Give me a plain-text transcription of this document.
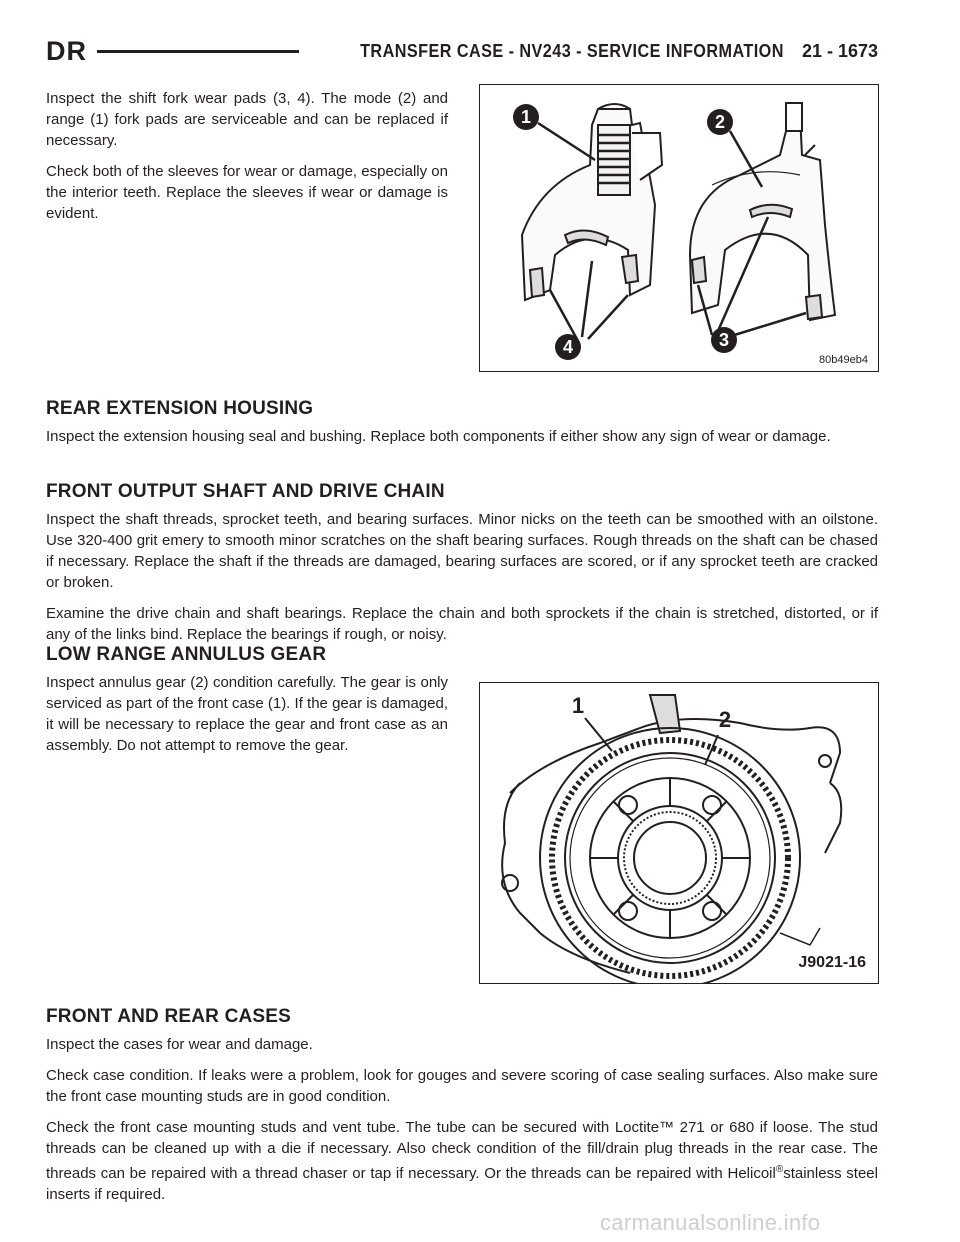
DR	TRANSFER CASE - NV243 - SERVICE INFORMATION 21 - 1673

Inspect the shift fork wear pads (3, 4). The mode (2) and range (1) fork pads are serviceable and can be replaced if necessary.

Check both of the sleeves for wear or damage, especially on the interior teeth. Replace the sleeves if wear or damage is evident.

1	2
4	3
80b49eb4
REAR EXTENSION HOUSING

Inspect the extension housing seal and bushing. Replace both components if either show any sign of wear or damage.

FRONT OUTPUT SHAFT AND DRIVE CHAIN

Inspect the shaft threads, sprocket teeth, and bearing surfaces. Minor nicks on the teeth can be smoothed with an oilstone. Use 320-400 grit emery to smooth minor scratches on the shaft bearing surfaces. Rough threads on the shaft can be chased if necessary. Replace the shaft if the threads are damaged, bearing surfaces are scored, or if any sprocket teeth are cracked or broken.

Examine the drive chain and shaft bearings. Replace the chain and both sprockets if the chain is stretched, distorted, or if any of the links bind. Replace the bearings if rough, or noisy.

LOW RANGE ANNULUS GEAR

Inspect annulus gear (2) condition carefully. The gear is only serviced as part of the front case (1). If the gear is damaged, it will be necessary to replace the gear and front case as an assembly. Do not attempt to remove the gear.

1
2
J9021-16
FRONT AND REAR CASES

Inspect the cases for wear and damage.

Check case condition. If leaks were a problem, look for gouges and severe scoring of case sealing surfaces. Also make sure the front case mounting studs are in good condition.

Check the front case mounting studs and vent tube. The tube can be secured with Loctite™ 271 or 680 if loose. The stud threads can be cleaned up with a die if necessary. Also check condition of the fill/drain plug threads in the rear case. The threads can be repaired with a thread chaser or tap if necessary. Or the threads can be repaired with Helicoil®stainless steel inserts if required.

carmanualsonline.info
